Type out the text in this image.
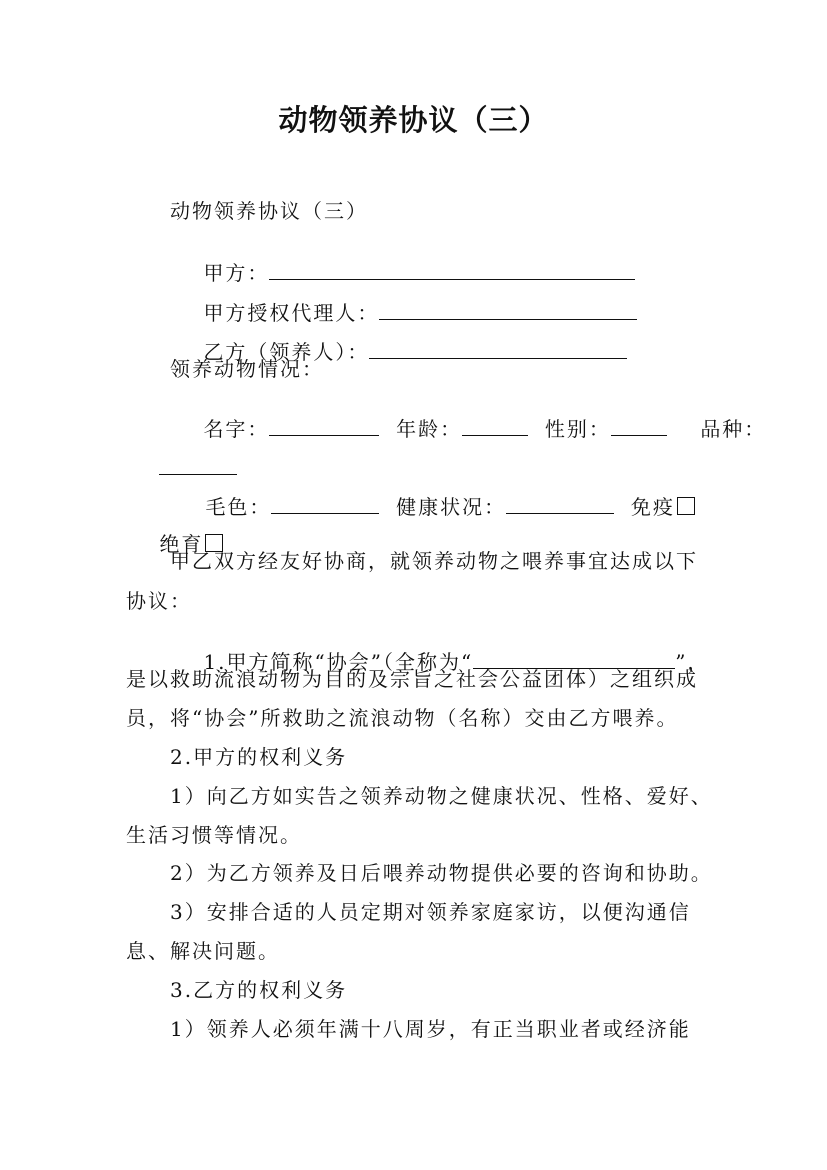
动物领养协议（三）
动物领养协议（三）

甲方：

甲方授权代理人：

乙方（领养人）：

领养动物情况：

名字：	年龄：	性别：	品种：

毛色：	健康状况：	免疫

绝育

甲乙双方经友好协商，就领养动物之喂养事宜达成以下
协议：

1.甲方简称“协会”（全称为“	”，

是以救助流浪动物为目的及宗旨之社会公益团体）之组织成
员，将“协会”所救助之流浪动物（名称）交由乙方喂养。
2.甲方的权利义务
1）向乙方如实告之领养动物之健康状况、性格、爱好、
生活习惯等情况。
2）为乙方领养及日后喂养动物提供必要的咨询和协助。
3）安排合适的人员定期对领养家庭家访，以便沟通信
息、解决问题。
3.乙方的权利义务
1）领养人必须年满十八周岁，有正当职业者或经济能
